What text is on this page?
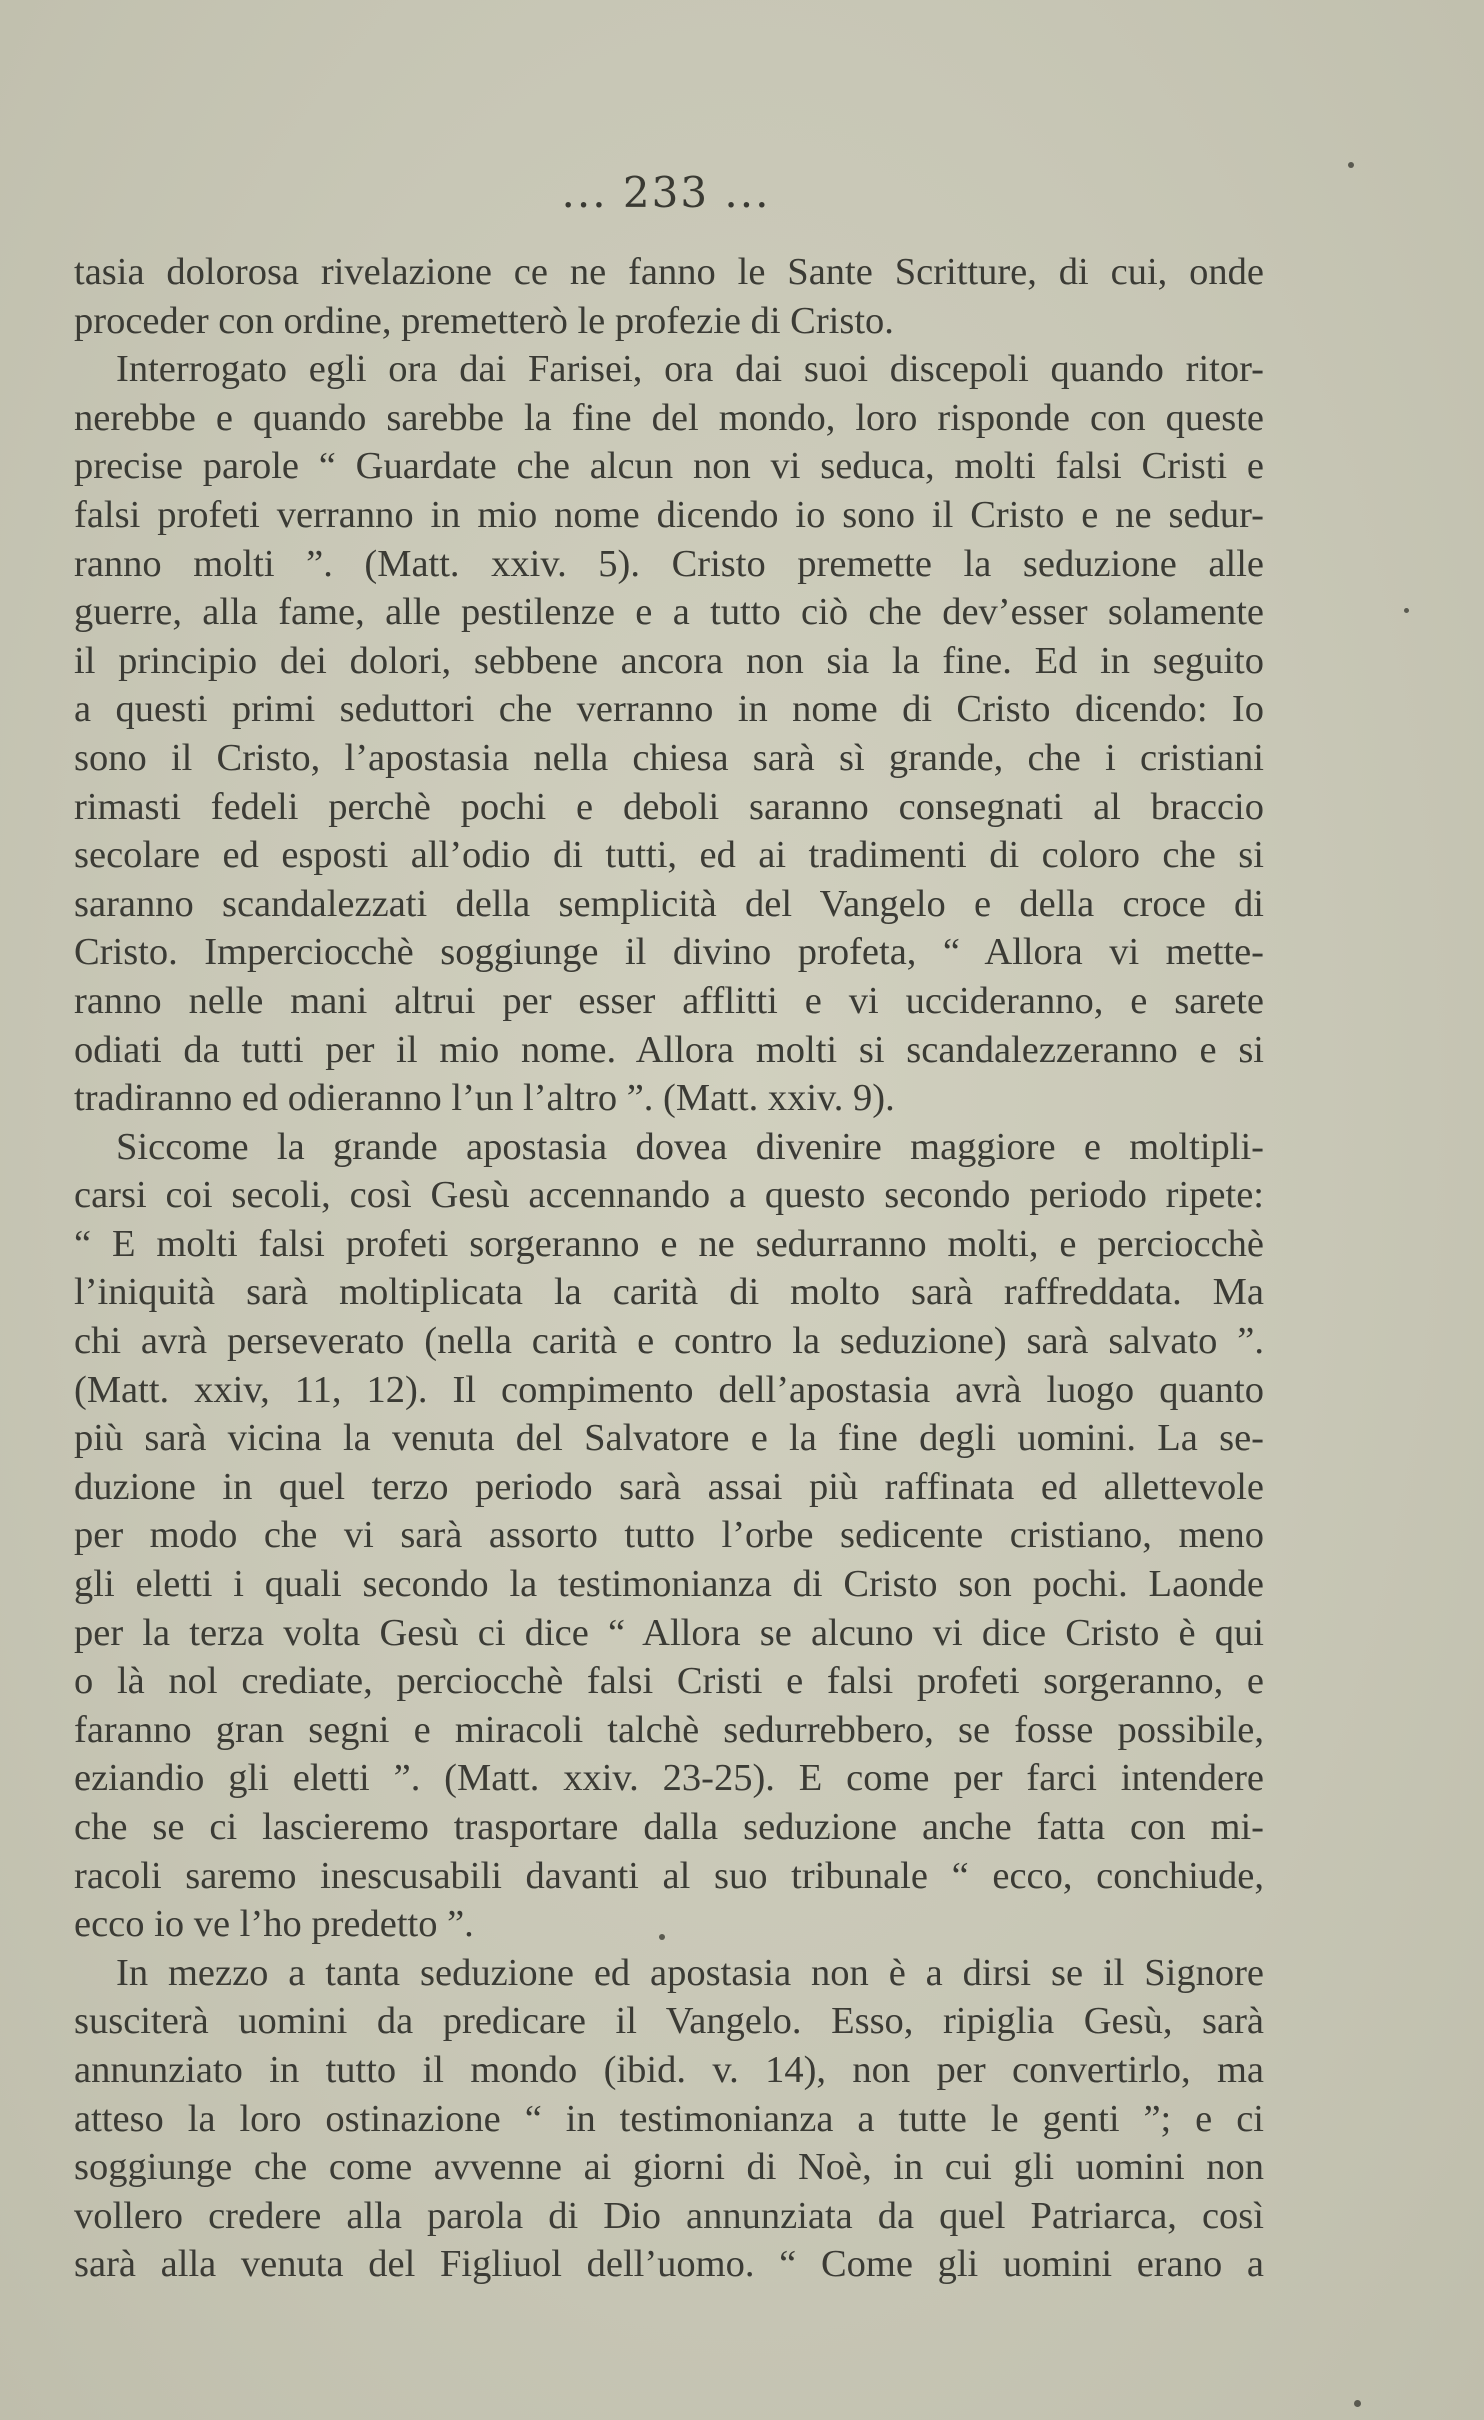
... 233 ...
tasia dolorosa rivelazione ce ne fanno le Sante Scritture, di cui, onde
proceder con ordine, premetterò le profezie di Cristo.
Interrogato egli ora dai Farisei, ora dai suoi discepoli quando ritor-
nerebbe e quando sarebbe la fine del mondo, loro risponde con queste
precise parole “ Guardate che alcun non vi seduca, molti falsi Cristi e
falsi profeti verranno in mio nome dicendo io sono il Cristo e ne sedur-
ranno molti ”. (Matt. xxiv. 5). Cristo premette la seduzione alle
guerre, alla fame, alle pestilenze e a tutto ciò che dev’esser solamente
il principio dei dolori, sebbene ancora non sia la fine. Ed in seguito
a questi primi seduttori che verranno in nome di Cristo dicendo: Io
sono il Cristo, l’apostasia nella chiesa sarà sì grande, che i cristiani
rimasti fedeli perchè pochi e deboli saranno consegnati al braccio
secolare ed esposti all’odio di tutti, ed ai tradimenti di coloro che si
saranno scandalezzati della semplicità del Vangelo e della croce di
Cristo. Imperciocchè soggiunge il divino profeta, “ Allora vi mette-
ranno nelle mani altrui per esser afflitti e vi uccideranno, e sarete
odiati da tutti per il mio nome. Allora molti si scandalezzeranno e si
tradiranno ed odieranno l’un l’altro ”. (Matt. xxiv. 9).
Siccome la grande apostasia dovea divenire maggiore e moltipli-
carsi coi secoli, così Gesù accennando a questo secondo periodo ripete:
“ E molti falsi profeti sorgeranno e ne sedurranno molti, e perciocchè
l’iniquità sarà moltiplicata la carità di molto sarà raffreddata. Ma
chi avrà perseverato (nella carità e contro la seduzione) sarà salvato ”.
(Matt. xxiv, 11, 12). Il compimento dell’apostasia avrà luogo quanto
più sarà vicina la venuta del Salvatore e la fine degli uomini. La se-
duzione in quel terzo periodo sarà assai più raffinata ed allettevole
per modo che vi sarà assorto tutto l’orbe sedicente cristiano, meno
gli eletti i quali secondo la testimonianza di Cristo son pochi. Laonde
per la terza volta Gesù ci dice “ Allora se alcuno vi dice Cristo è qui
o là nol crediate, perciocchè falsi Cristi e falsi profeti sorgeranno, e
faranno gran segni e miracoli talchè sedurrebbero, se fosse possibile,
eziandio gli eletti ”. (Matt. xxiv. 23-25). E come per farci intendere
che se ci lascieremo trasportare dalla seduzione anche fatta con mi-
racoli saremo inescusabili davanti al suo tribunale “ ecco, conchiude,
ecco io ve l’ho predetto ”.
In mezzo a tanta seduzione ed apostasia non è a dirsi se il Signore
susciterà uomini da predicare il Vangelo. Esso, ripiglia Gesù, sarà
annunziato in tutto il mondo (ibid. v. 14), non per convertirlo, ma
atteso la loro ostinazione “ in testimonianza a tutte le genti ”; e ci
soggiunge che come avvenne ai giorni di Noè, in cui gli uomini non
vollero credere alla parola di Dio annunziata da quel Patriarca, così
sarà alla venuta del Figliuol dell’uomo. “ Come gli uomini erano a
